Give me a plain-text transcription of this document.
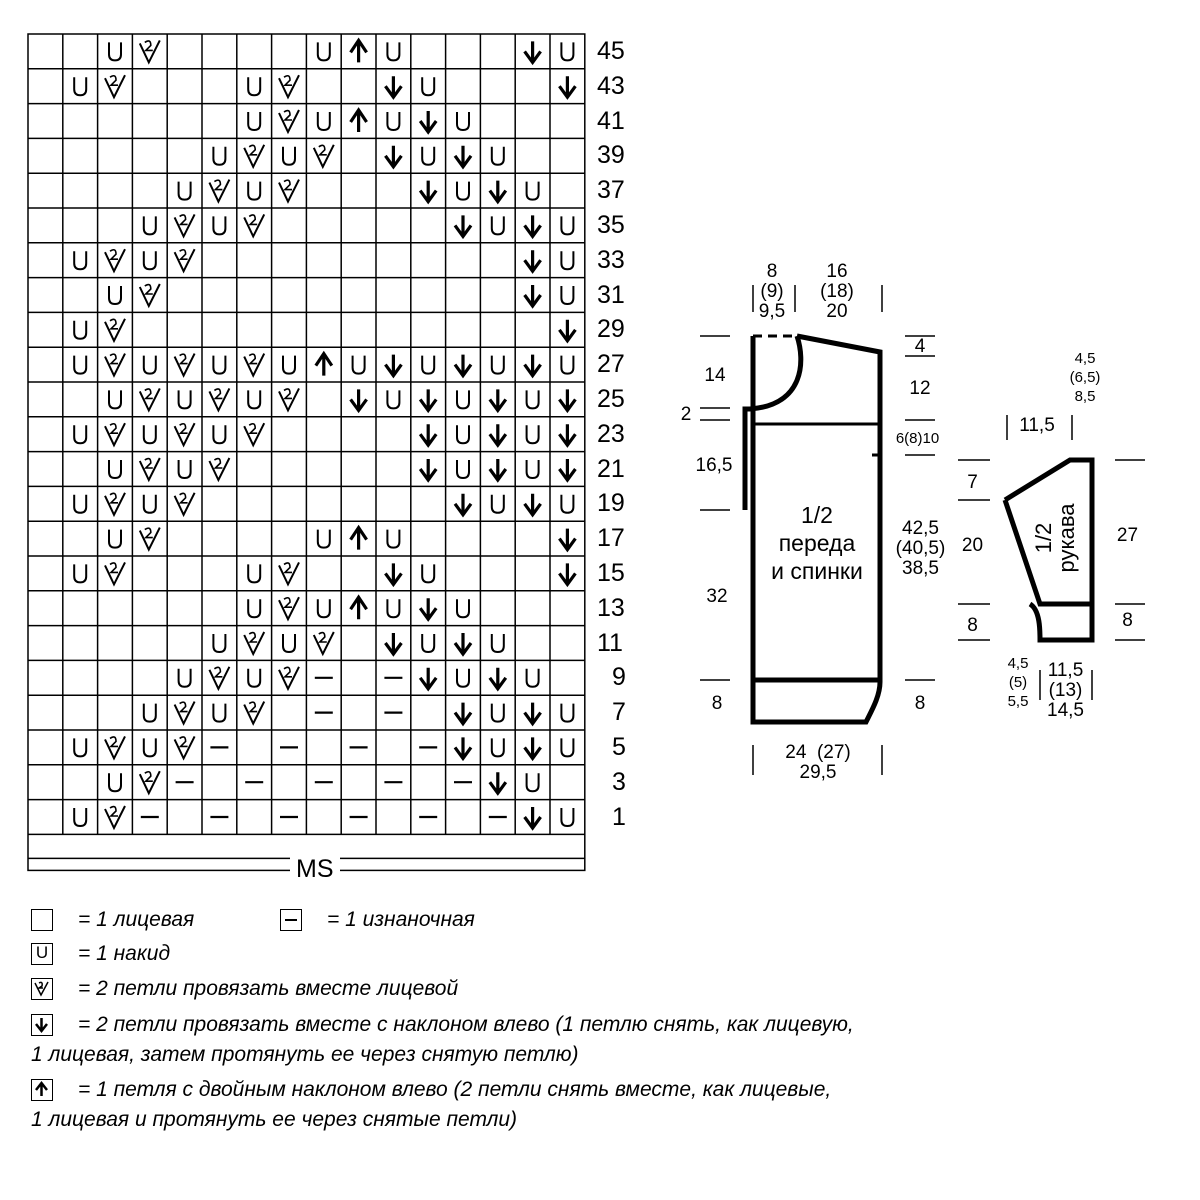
45
43
41
39
37
35
33
31
29
27
25
23
21
19
17
15
13
11
9
7
5
3
1
MS
= 1 лицевая	= 1 изнаночная
U = 1 накид
= 2 петли провязать вместе лицевой
= 2 петли провязать вместе с наклоном влево (1 петлю снять, как лицевую,
1 лицевая, затем протянуть ее через снятую петлю)
= 1 петля с двойным наклоном влево (2 петли снять вместе, как лицевые,
1 лицевая и протянуть ее через снятые петли)
8
(9)
9,5
16
(18)
20
14
2
16,5
32
8
4
12
6(8)10
42,5
(40,5)
38,5
8
24  (27)
29,5
1/2
переда
и спинки
11,5
4,5
(6,5)
8,5
7
20
8
27
8
4,5
(5)
5,5
11,5
(13)
14,5
1/2
рукава
